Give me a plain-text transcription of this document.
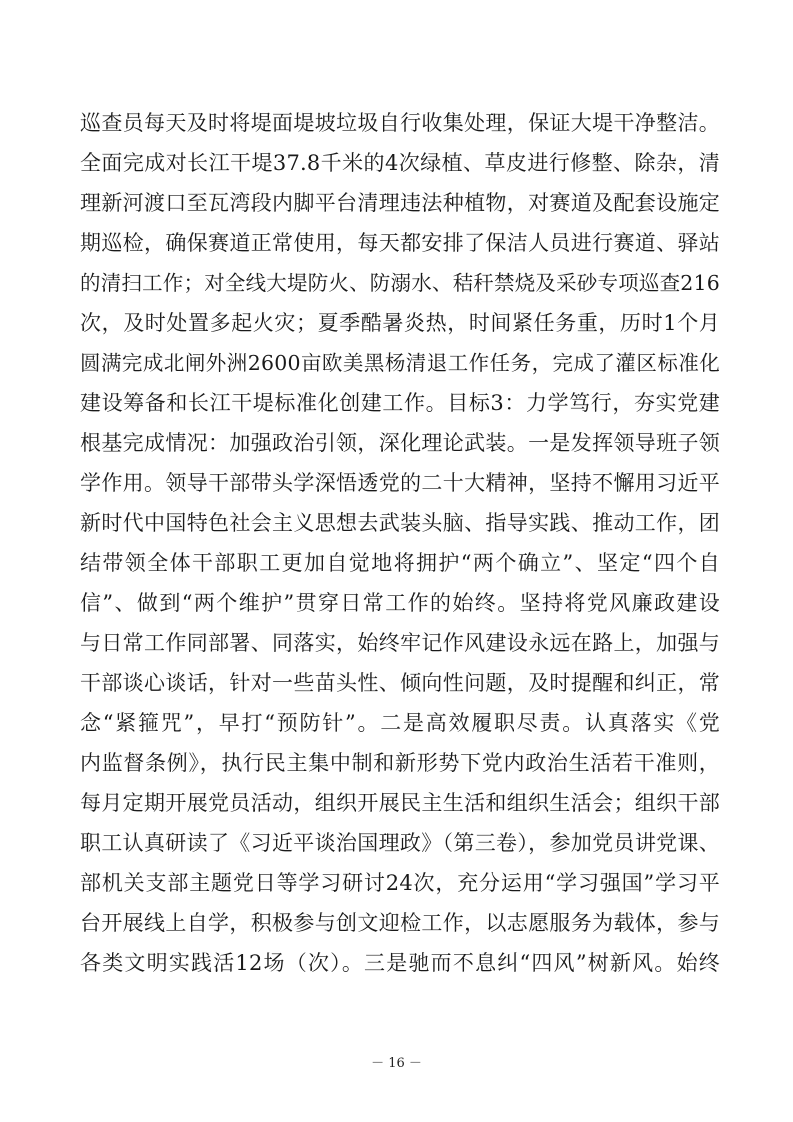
巡查员每天及时将堤面堤坡垃圾自行收集处理，保证大堤干净整洁。
全面完成对长江干堤37.8千米的4次绿植、草皮进行修整、除杂，清
理新河渡口至瓦湾段内脚平台清理违法种植物，对赛道及配套设施定
期巡检，确保赛道正常使用，每天都安排了保洁人员进行赛道、驿站
的清扫工作；对全线大堤防火、防溺水、秸秆禁烧及采砂专项巡查216
次，及时处置多起火灾；夏季酷暑炎热，时间紧任务重，历时1个月
圆满完成北闸外洲2600亩欧美黑杨清退工作任务，完成了灌区标准化
建设筹备和长江干堤标准化创建工作。目标3：力学笃行，夯实党建
根基完成情况：加强政治引领，深化理论武装。一是发挥领导班子领
学作用。领导干部带头学深悟透党的二十大精神，坚持不懈用习近平
新时代中国特色社会主义思想去武装头脑、指导实践、推动工作，团
结带领全体干部职工更加自觉地将拥护“两个确立”、坚定“四个自
信”、做到“两个维护”贯穿日常工作的始终。坚持将党风廉政建设
与日常工作同部署、同落实，始终牢记作风建设永远在路上，加强与
干部谈心谈话，针对一些苗头性、倾向性问题，及时提醒和纠正，常
念“紧箍咒”，早打“预防针”。二是高效履职尽责。认真落实《党
内监督条例》，执行民主集中制和新形势下党内政治生活若干准则，
每月定期开展党员活动，组织开展民主生活和组织生活会；组织干部
职工认真研读了《习近平谈治国理政》（第三卷），参加党员讲党课、
部机关支部主题党日等学习研讨24次，充分运用“学习强国”学习平
台开展线上自学，积极参与创文迎检工作，以志愿服务为载体，参与
各类文明实践活12场（次）。三是驰而不息纠“四风”树新风。始终
－ 16 －
